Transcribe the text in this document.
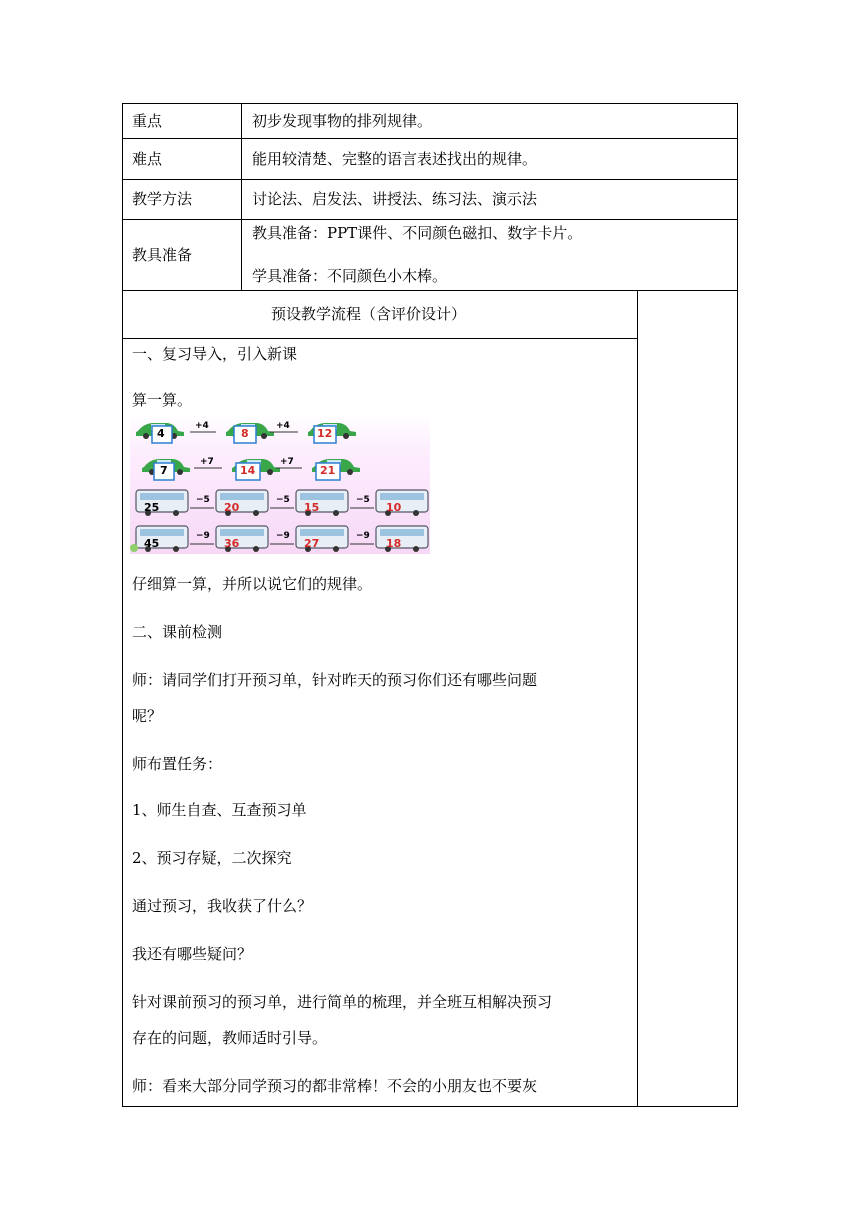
重点	初步发现事物的排列规律。
难点	能用较清楚、完整的语言表述找出的规律。
教学方法	讨论法、启发法、讲授法、练习法、演示法
教具准备
教具准备：PPT课件、不同颜色磁扣、数字卡片。
学具准备：不同颜色小木棒。
预设教学流程（含评价设计）
一、复习导入，引入新课
算一算。
4	8	12
+4	+4
7	14	21
+7	+7
25	20	15	10
−5	−5	−5
45	36	27	18
−9	−9	−9
仔细算一算，并所以说它们的规律。
二、课前检测
师：请同学们打开预习单，针对昨天的预习你们还有哪些问题
呢？
师布置任务：
1、师生自查、互查预习单
2、预习存疑，二次探究
通过预习，我收获了什么？
我还有哪些疑问？
针对课前预习的预习单，进行简单的梳理，并全班互相解决预习
存在的问题，教师适时引导。
师：看来大部分同学预习的都非常棒！不会的小朋友也不要灰
